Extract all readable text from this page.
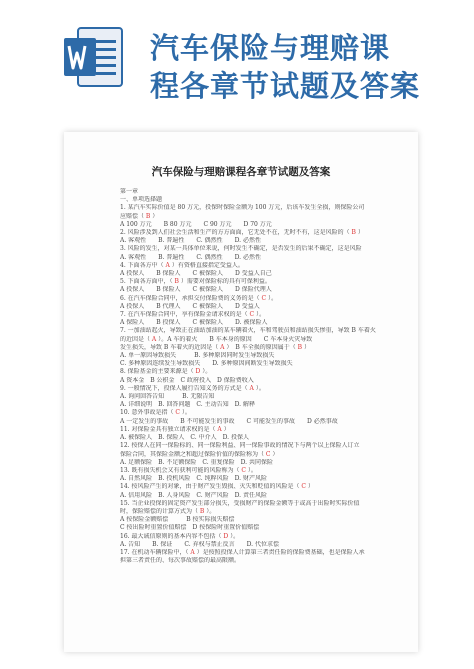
汽车保险与理赔课
程各章节试题及答案
汽车保险与理赔课程各章节试题及答案
第一章
一、单项选择题
1. 某汽车实际价值是 80 万元，投保时保险金额为 100 万元，后该车发生全损，则保险公司
应赔偿（ B ）
A 100 万元　　B 80 万元　　C 90 万元　　D 70 万元
2. 风险涉及到人们社会生活和生产的方方面面，它无处不在，无时不有，这是风险的（ B ）
A. 客观性　　B. 普遍性　　C. 偶然性　　D. 必然性
3. 风险的发生，对某一具体单位来说，何时发生不确定，是否发生的后果不确定，这是风险
A. 客观性　　B. 普遍性　　C. 偶然性　　D. 必然性
4. 下面各方中（ A ）有资格直接指定受益人。
A 投保人　　B 保险人　　C 被保险人　　D 受益人自己
5. 下面各方面中，（ B ）需要对保险标的具有可保利益。
A 投保人　　B 保险人　　C 被保险人　　D 保险代理人
6. 在汽车保险合同中，承担交付保险费的义务的是（ C ）。
A 投保人　　B 代理人　　C 被保险人　　D 受益人
7. 在汽车保险合同中，享有保险金请求权的是（ C ）。
A 保险人　　B 投保人　　C 被保险人　　D. 被保险人
7. 一加油站起火，导致正在油站加油的某车辆着火，车和驾驶员和油站损失惨重，导致 B 车着火
的近因是（ A ）。A 车的着火　　B 车本身的原因　　C 车本身火灾导致
发生损失，导致 B 车着火的近因是（ A ）　B 车全损的原因属于（ B ）
A. 单一原因导致损失　　　B. 多种原因同时发生导致损失
C. 多种原因连续发生导致损失　　D. 多种原因间断发生导致损失
8. 保险基金的主要来源是（ D ）。
A 资本金　B 公积金　C 政府投入　D 保险费收入
9. 一般情况下，投保人履行告知义务的方式是（ A ）。
A. 询问回答告知　　　B. 无限告知
A. 详细说明　B. 回答问题　C. 主动告知　D. 解释
10. 意外事故是指（ C ）。
A 一定发生的事故　　B 不可能发生的事故　　C 可能发生的事故　　D 必然事故
11. 对保险金具有独立请求权的是（ A ）
A. 被保险人　B. 保险人　C. 中介人　D. 投保人
12. 按保人在同一保险标的、同一保险利益、同一保险事故的情况下与两个以上保险人订立
保险合同，其保险金额之和超过保险价值的保险称为（ C ）
A. 足额保险　B. 不足额保险　C. 重复保险　D. 共同保险
13. 既有损失机会又有获利可能的风险称为（ C ）。
A. 自然风险　B. 投机风险　C. 纯粹风险　D. 财产风险
14. 按风险产生的对象，由于财产发生毁损、灭失和贬值的风险是（ C ）
A. 信用风险　B. 人身风险　C. 财产风险　D. 责任风险
15. 当企业投保的固定资产发生部分损失，受损财产的保险金额等于或高于出险时实际价值
时，保险赔偿的计算方式为（ B ）。
A 按保险金额赔偿　　　B 按实际损失赔偿
C 按出险时重置价值赔偿　D 按保险时重置价值赔偿
16. 最大诚信原则的基本内容不包括（ D ）。
A. 告知　　B. 保证　　C. 弃权与禁止反言　　D. 代位求偿
17. 在机动车辆保险中，（ A ）是按照投保人计算第三者责任险的保险费基础，也是保险人承
担第三者责任的、每次事故赔偿的最高限额。
